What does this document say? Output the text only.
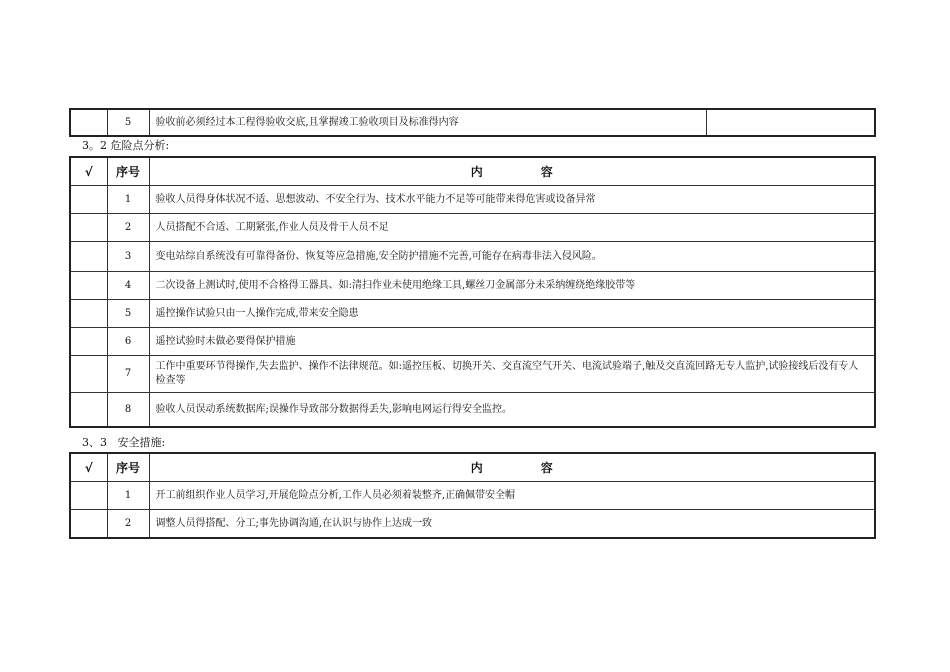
	5	验收前必须经过本工程得验收交底,且掌握竣工验收项目及标准得内容	
3。2 危险点分析:
√	序号	内 容
	1	验收人员得身体状况不适、思想波动、不安全行为、技术水平能力不足等可能带来得危害或设备异常
	2	人员搭配不合适、工期紧张,作业人员及骨干人员不足
	3	变电站综自系统没有可靠得备份、恢复等应急措施,安全防护措施不完善,可能存在病毒非法入侵风险。
	4	二次设备上测试时,使用不合格得工器具、如:清扫作业未使用绝缘工具,螺丝刀金属部分未采纳缠绕绝缘胶带等
	5	遥控操作试验只由一人操作完成,带来安全隐患
	6	遥控试验时未做必要得保护措施
	7	工作中重要环节得操作,失去监护、操作不法律规范。如:遥控压板、切换开关、交直流空气开关、电流试验端子,触及交直流回路无专人监护,试验接线后没有专人检查等
	8	验收人员误动系统数据库;误操作导致部分数据得丢失,影响电网运行得安全监控。
3、3   安全措施:
√	序号	内 容
	1	开工前组织作业人员学习,开展危险点分析,工作人员必须着装整齐,正确佩带安全帽
	2	调整人员得搭配、分工;事先协调沟通,在认识与协作上达成一致
